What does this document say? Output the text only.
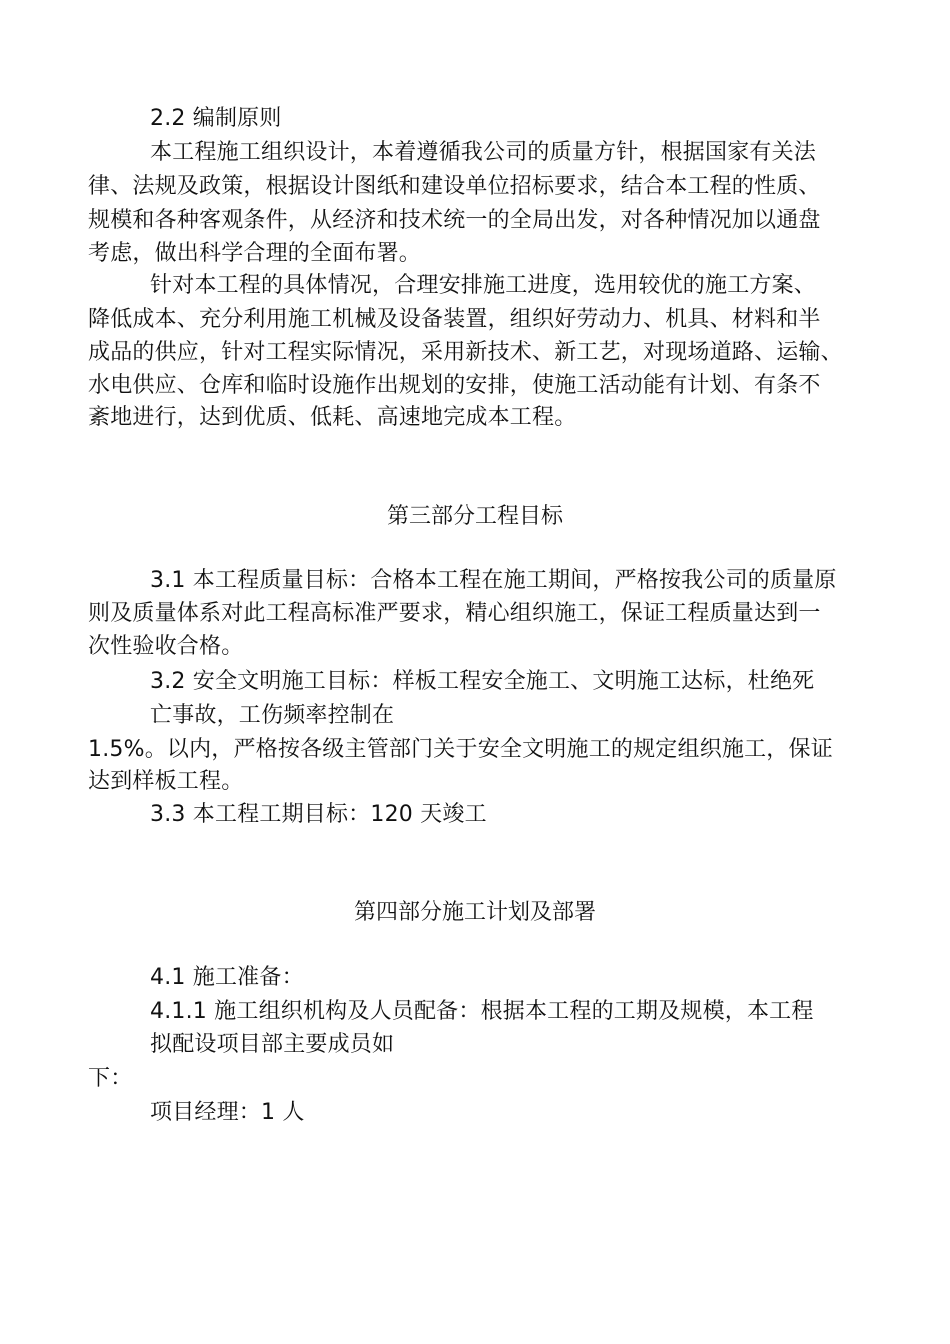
2.2 编制原则
本工程施工组织设计，本着遵循我公司的质量方针，根据国家有关法
律、法规及政策，根据设计图纸和建设单位招标要求，结合本工程的性质、
规模和各种客观条件，从经济和技术统一的全局出发，对各种情况加以通盘
考虑，做出科学合理的全面布署。
针对本工程的具体情况，合理安排施工进度，选用较优的施工方案、
降低成本、充分利用施工机械及设备装置，组织好劳动力、机具、材料和半
成品的供应，针对工程实际情况，采用新技术、新工艺，对现场道路、运输、
水电供应、仓库和临时设施作出规划的安排，使施工活动能有计划、有条不
紊地进行，达到优质、低耗、高速地完成本工程。
第三部分工程目标
3.1 本工程质量目标：合格本工程在施工期间，严格按我公司的质量原
则及质量体系对此工程高标准严要求，精心组织施工，保证工程质量达到一
次性验收合格。
3.2 安全文明施工目标：样板工程安全施工、文明施工达标，杜绝死
亡事故，工伤频率控制在
1.5%。以内，严格按各级主管部门关于安全文明施工的规定组织施工，保证
达到样板工程。
3.3 本工程工期目标：120 天竣工
第四部分施工计划及部署
4.1 施工准备：
4.1.1 施工组织机构及人员配备：根据本工程的工期及规模，本工程
拟配设项目部主要成员如
下：
项目经理：1 人
